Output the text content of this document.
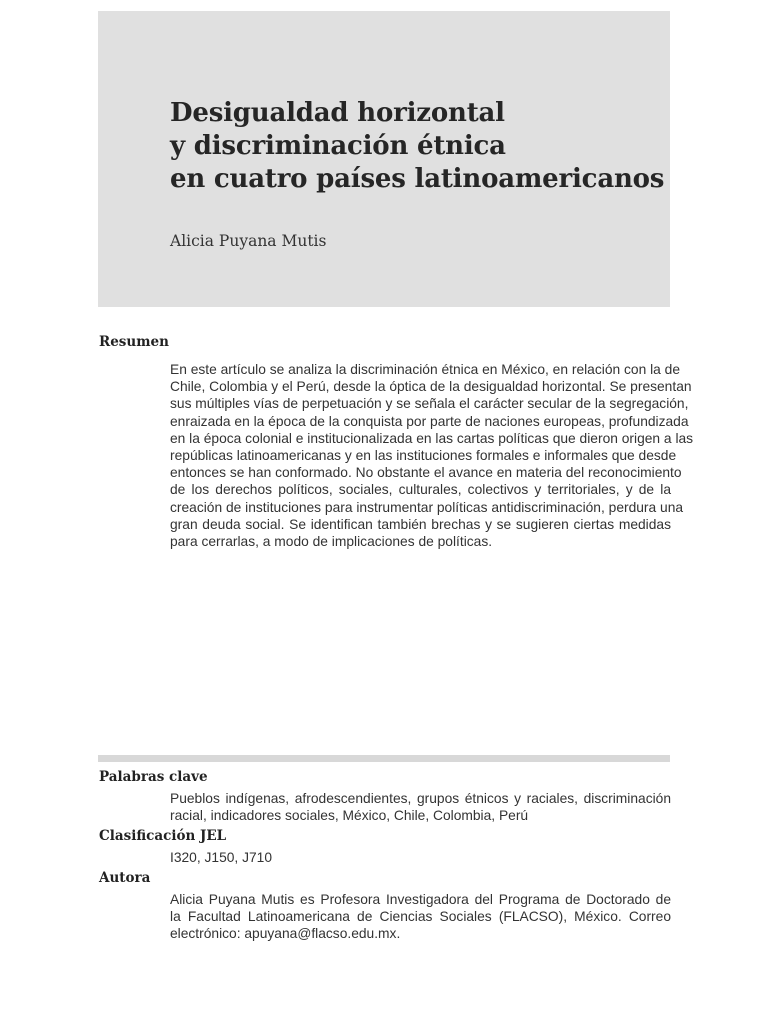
Desigualdad horizontal
y discriminación étnica
en cuatro países latinoamericanos
Alicia Puyana Mutis
Resumen
En este artículo se analiza la discriminación étnica en México, en relación con la de
Chile, Colombia y el Perú, desde la óptica de la desigualdad horizontal. Se presentan
sus múltiples vías de perpetuación y se señala el carácter secular de la segregación,
enraizada en la época de la conquista por parte de naciones europeas, profundizada
en la época colonial e institucionalizada en las cartas políticas que dieron origen a las
repúblicas latinoamericanas y en las instituciones formales e informales que desde
entonces se han conformado. No obstante el avance en materia del reconocimiento
de los derechos políticos, sociales, culturales, colectivos y territoriales, y de la
creación de instituciones para instrumentar políticas antidiscriminación, perdura una
gran deuda social. Se identifican también brechas y se sugieren ciertas medidas
para cerrarlas, a modo de implicaciones de políticas.
Palabras clave
Pueblos indígenas, afrodescendientes, grupos étnicos y raciales, discriminación
racial, indicadores sociales, México, Chile, Colombia, Perú
Clasificación JEL
I320, J150, J710
Autora
Alicia Puyana Mutis es Profesora Investigadora del Programa de Doctorado de
la Facultad Latinoamericana de Ciencias Sociales (FLACSO), México. Correo
electrónico: apuyana@flacso.edu.mx.
